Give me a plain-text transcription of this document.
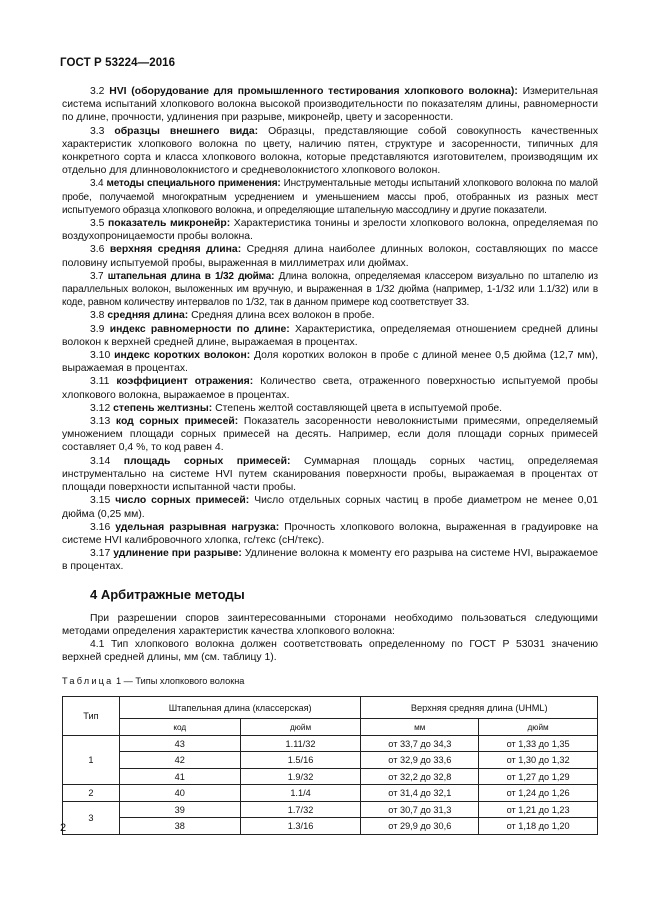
ГОСТ Р 53224—2016

3.2 HVI (оборудование для промышленного тестирования хлопкового волокна): Измерительная система испытаний хлопкового волокна высокой производительности по показателям длины, равномерности по длине, прочности, удлинения при разрыве, микронейр, цвету и засоренности.

3.3 образцы внешнего вида: Образцы, представляющие собой совокупность качественных характеристик хлопкового волокна по цвету, наличию пятен, структуре и засоренности, типичных для конкретного сорта и класса хлопкового волокна, которые представляются изготовителем, производящим их отдельно для длинноволокнистого и средневолокнистого хлопкового волокон.

3.4 методы специального применения: Инструментальные методы испытаний хлопкового волокна по малой пробе, получаемой многократным усреднением и уменьшением массы проб, отобранных из разных мест испытуемого образца хлопкового волокна, и определяющие штапельную массодлину и другие показатели.

3.5 показатель микронейр: Характеристика тонины и зрелости хлопкового волокна, определяемая по воздухопроницаемости пробы волокна.

3.6 верхняя средняя длина: Средняя длина наиболее длинных волокон, составляющих по массе половину испытуемой пробы, выраженная в миллиметрах или дюймах.

3.7 штапельная длина в 1/32 дюйма: Длина волокна, определяемая классером визуально по штапелю из параллельных волокон, выложенных им вручную, и выраженная в 1/32 дюйма (например, 1-1/32 или 1.1/32) или в коде, равном количеству интервалов по 1/32, так в данном примере код соответствует 33.

3.8 средняя длина: Средняя длина всех волокон в пробе.

3.9 индекс равномерности по длине: Характеристика, определяемая отношением средней длины волокон к верхней средней длине, выражаемая в процентах.

3.10 индекс коротких волокон: Доля коротких волокон в пробе с длиной менее 0,5 дюйма (12,7 мм), выражаемая в процентах.

3.11 коэффициент отражения: Количество света, отраженного поверхностью испытуемой пробы хлопкового волокна, выражаемое в процентах.

3.12 степень желтизны: Степень желтой составляющей цвета в испытуемой пробе.

3.13 код сорных примесей: Показатель засоренности неволокнистыми примесями, определяемый умножением площади сорных примесей на десять. Например, если доля площади сорных примесей составляет 0,4 %, то код равен 4.

3.14 площадь сорных примесей: Суммарная площадь сорных частиц, определяемая инструментально на системе HVI путем сканирования поверхности пробы, выражаемая в процентах от площади поверхности испытанной части пробы.

3.15 число сорных примесей: Число отдельных сорных частиц в пробе диаметром не менее 0,01 дюйма (0,25 мм).

3.16 удельная разрывная нагрузка: Прочность хлопкового волокна, выраженная в градуировке на системе HVI калибровочного хлопка, гс/текс (сН/текс).

3.17 удлинение при разрыве: Удлинение волокна к моменту его разрыва на системе HVI, выражаемое в процентах.

4 Арбитражные методы

При разрешении споров заинтересованными сторонами необходимо пользоваться следующими методами определения характеристик качества хлопкового волокна:

4.1 Тип хлопкового волокна должен соответствовать определенному по ГОСТ Р 53031 значению верхней средней длины, мм (см. таблицу 1).

Таблица 1 — Типы хлопкового волокна
Тип	Штапельная длина (классерская)		Верхняя средняя длина (UHML)	
	код	дюйм	мм	дюйм
1	43	1.11/32	от 33,7 до 34,3	от 1,33 до 1,35
	42	1.5/16	от 32,9 до 33,6	от 1,30 до 1,32
	41	1.9/32	от 32,2 до 32,8	от 1,27 до 1,29
2	40	1.1/4	от 31,4 до 32,1	от 1,24 до 1,26
3	39	1.7/32	от 30,7 до 31,3	от 1,21 до 1,23
	38	1.3/16	от 29,9 до 30,6	от 1,18 до 1,20
2
